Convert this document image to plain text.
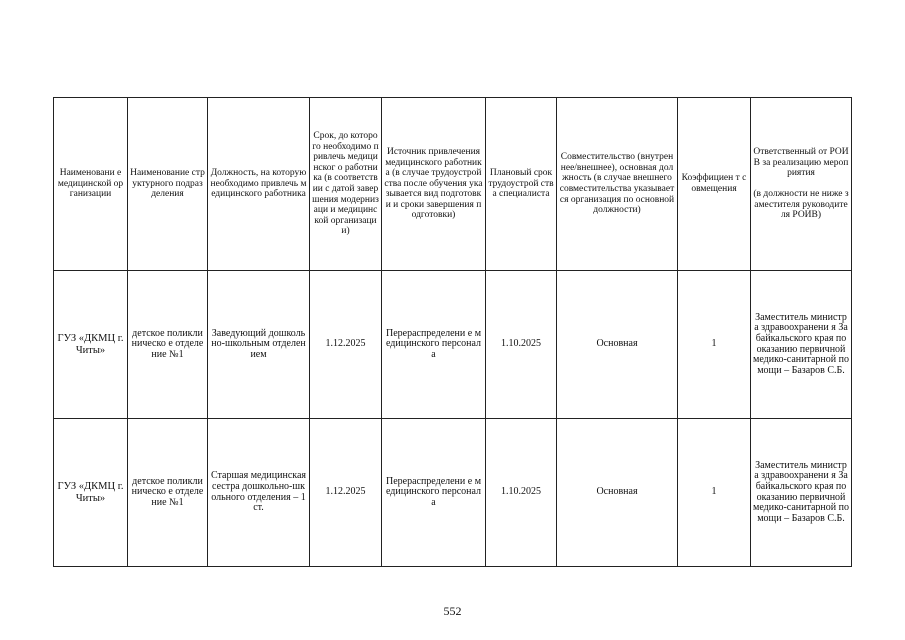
Наименовани е медицинской организации	Наименование структурного подразделения	Должность, на которую необходимо привлечь медицинского работника	Срок, до которого необходимо привлечь медицинског о работника (в соответствии с датой завершения модернизаци и медицинской организации)	Источник привлечения медицинского работника (в случае трудоустройства после обучения указывается вид подготовки и сроки завершения подготовки)	Плановый срок трудоустрой ства специалиста	Совместительство (внутреннее/внешнее), основная должность (в случае внешнего совместительства указывается организация по основной должности)	Коэффициен т совмещения	Ответственный от РОИВ за реализацию мероприятия

(в должности не ниже заместителя руководителя РОИВ)
ГУЗ «ДКМЦ г. Читы»	детское поликлиническо е отделение №1	Заведующий дошкольно-школьным отделением	1.12.2025	Перераспределени е медицинского персонала	1.10.2025	Основная	1	Заместитель министра здравоохранени я Забайкальского края по оказанию первичной медико-санитарной помощи – Базаров С.Б.
ГУЗ «ДКМЦ г. Читы»	детское поликлиническо е отделение №1	Старшая медицинская сестра дошкольно-школьного отделения – 1 ст.	1.12.2025	Перераспределени е медицинского персонала	1.10.2025	Основная	1	Заместитель министра здравоохранени я Забайкальского края по оказанию первичной медико-санитарной помощи – Базаров С.Б.
552
